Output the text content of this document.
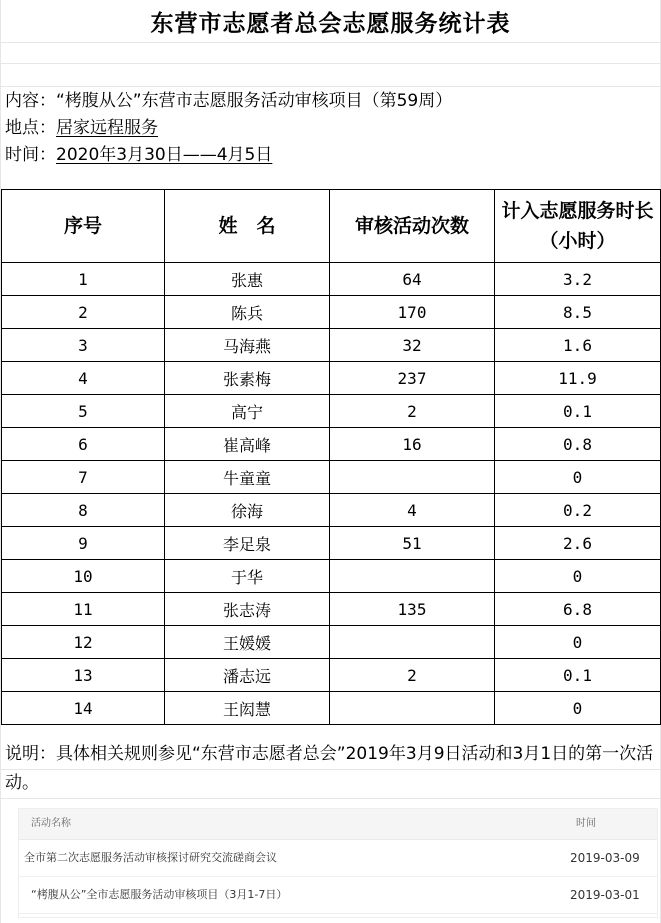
东营市志愿者总会志愿服务统计表
内容：“栲腹从公”东营市志愿服务活动审核项目（第59周）
地点：居家远程服务
时间：2020年3月30日——4月5日
序号	姓　名	审核活动次数	计入志愿服务时长（小时）
1	张惠	64	3.2
2	陈兵	170	8.5
3	马海燕	32	1.6
4	张素梅	237	11.9
5	高宁	2	0.1
6	崔高峰	16	0.8
7	牛童童		0
8	徐海	4	0.2
9	李足泉	51	2.6
10	于华		0
11	张志涛	135	6.8
12	王媛媛		0
13	潘志远	2	0.1
14	王闳慧		0
说明：具体相关规则参见“东营市志愿者总会”2019年3月9日活动和3月1日的第一次活动。
活动名称	时间
全市第二次志愿服务活动审核探讨研究交流磋商会议	2019-03-09
“栲腹从公”全市志愿服务活动审核项目（3月1-7日）	2019-03-01
